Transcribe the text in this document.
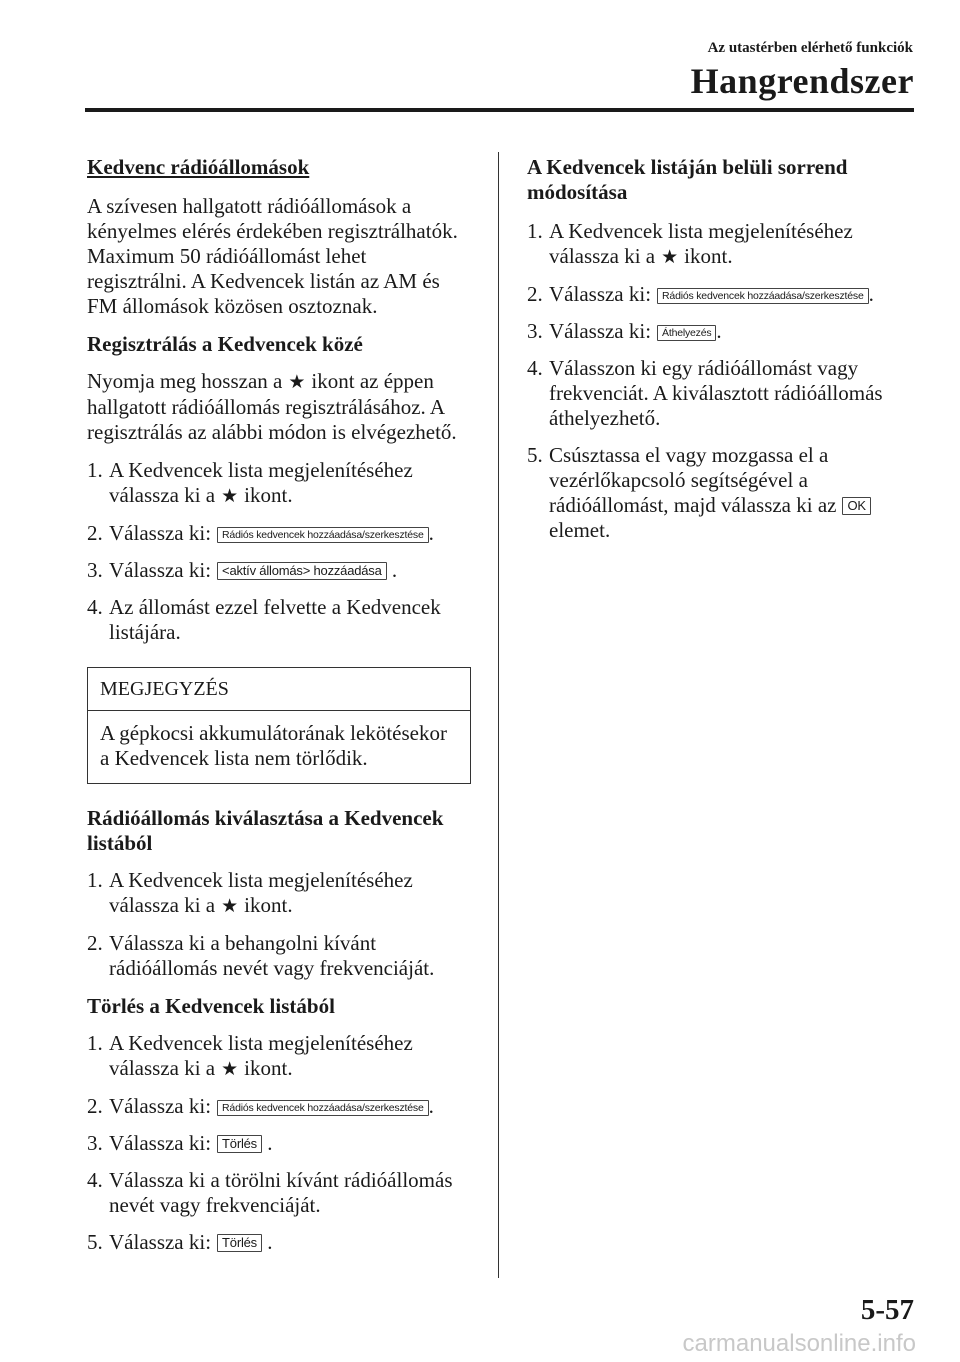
Az utastérben elérhető funkciók
Hangrendszer
Kedvenc rádióállomások

A szívesen hallgatott rádióállomások a kényelmes elérés érdekében regisztrálhatók. Maximum 50 rádióállomást lehet regisztrálni. A Kedvencek listán az AM és FM állomások közösen osztoznak.

Regisztrálás a Kedvencek közé

Nyomja meg hosszan a ★ ikont az éppen hallgatott rádióállomás regisztrálásához. A regisztrálás az alábbi módon is elvégezhető.

1. A Kedvencek lista megjelenítéséhez válassza ki a ★ ikont.
2. Válassza ki: Rádiós kedvencek hozzáadása/szerkesztése .
3. Válassza ki: <aktív állomás> hozzáadása .
4. Az állomást ezzel felvette a Kedvencek listájára.
MEGJEGYZÉS
A gépkocsi akkumulátorának lekötésekor a Kedvencek lista nem törlődik.
Rádióállomás kiválasztása a Kedvencek listából
1. A Kedvencek lista megjelenítéséhez válassza ki a ★ ikont.
2. Válassza ki a behangolni kívánt rádióállomás nevét vagy frekvenciáját.
Törlés a Kedvencek listából
1. A Kedvencek lista megjelenítéséhez válassza ki a ★ ikont.
2. Válassza ki: Rádiós kedvencek hozzáadása/szerkesztése .
3. Válassza ki: Törlés .
4. Válassza ki a törölni kívánt rádióállomás nevét vagy frekvenciáját.
5. Válassza ki: Törlés .
A Kedvencek listáján belüli sorrend módosítása
1. A Kedvencek lista megjelenítéséhez válassza ki a ★ ikont.
2. Válassza ki: Rádiós kedvencek hozzáadása/szerkesztése .
3. Válassza ki: Áthelyezés .
4. Válasszon ki egy rádióállomást vagy frekvenciát. A kiválasztott rádióállomás áthelyezhető.
5. Csúsztassa el vagy mozgassa el a vezérlőkapcsoló segítségével a rádióállomást, majd válassza ki az OK elemet.
5-57
carmanualsonline.info
